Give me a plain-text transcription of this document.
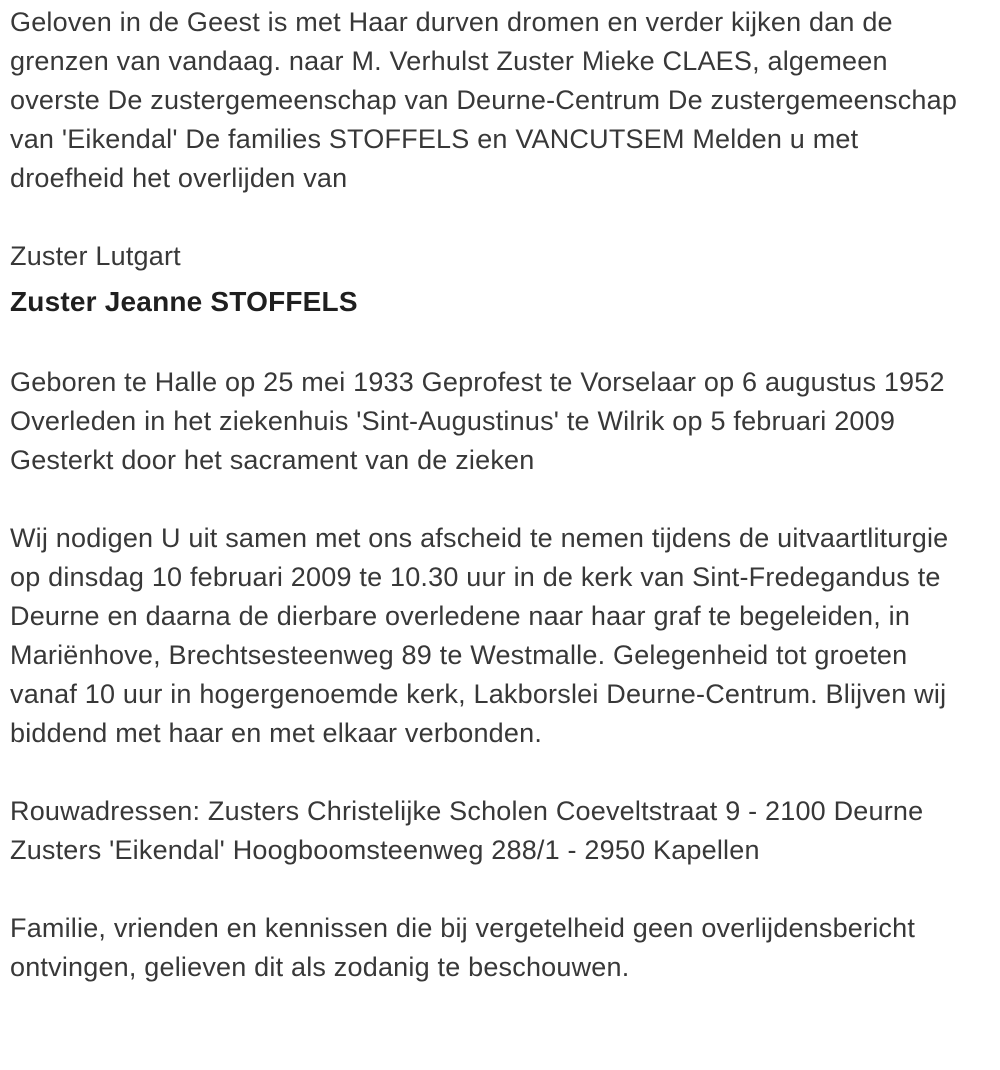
Geloven in de Geest is met Haar durven dromen en verder kijken dan de grenzen van vandaag. naar M. Verhulst Zuster Mieke CLAES, algemeen overste De zustergemeenschap van Deurne-Centrum De zustergemeenschap van 'Eikendal' De families STOFFELS en VANCUTSEM Melden u met droefheid het overlijden van

Zuster Lutgart

Zuster Jeanne STOFFELS

Geboren te Halle op 25 mei 1933 Geprofest te Vorselaar op 6 augustus 1952 Overleden in het ziekenhuis 'Sint-Augustinus' te Wilrik op 5 februari 2009 Gesterkt door het sacrament van de zieken

Wij nodigen U uit samen met ons afscheid te nemen tijdens de uitvaartliturgie op dinsdag 10 februari 2009 te 10.30 uur in de kerk van Sint-Fredegandus te Deurne en daarna de dierbare overledene naar haar graf te begeleiden, in Mariënhove, Brechtsesteenweg 89 te Westmalle. Gelegenheid tot groeten vanaf 10 uur in hogergenoemde kerk, Lakborslei Deurne-Centrum. Blijven wij biddend met haar en met elkaar verbonden.

Rouwadressen: Zusters Christelijke Scholen Coeveltstraat 9 - 2100 Deurne Zusters 'Eikendal' Hoogboomsteenweg 288/1 - 2950 Kapellen

Familie, vrienden en kennissen die bij vergetelheid geen overlijdensbericht ontvingen, gelieven dit als zodanig te beschouwen.
